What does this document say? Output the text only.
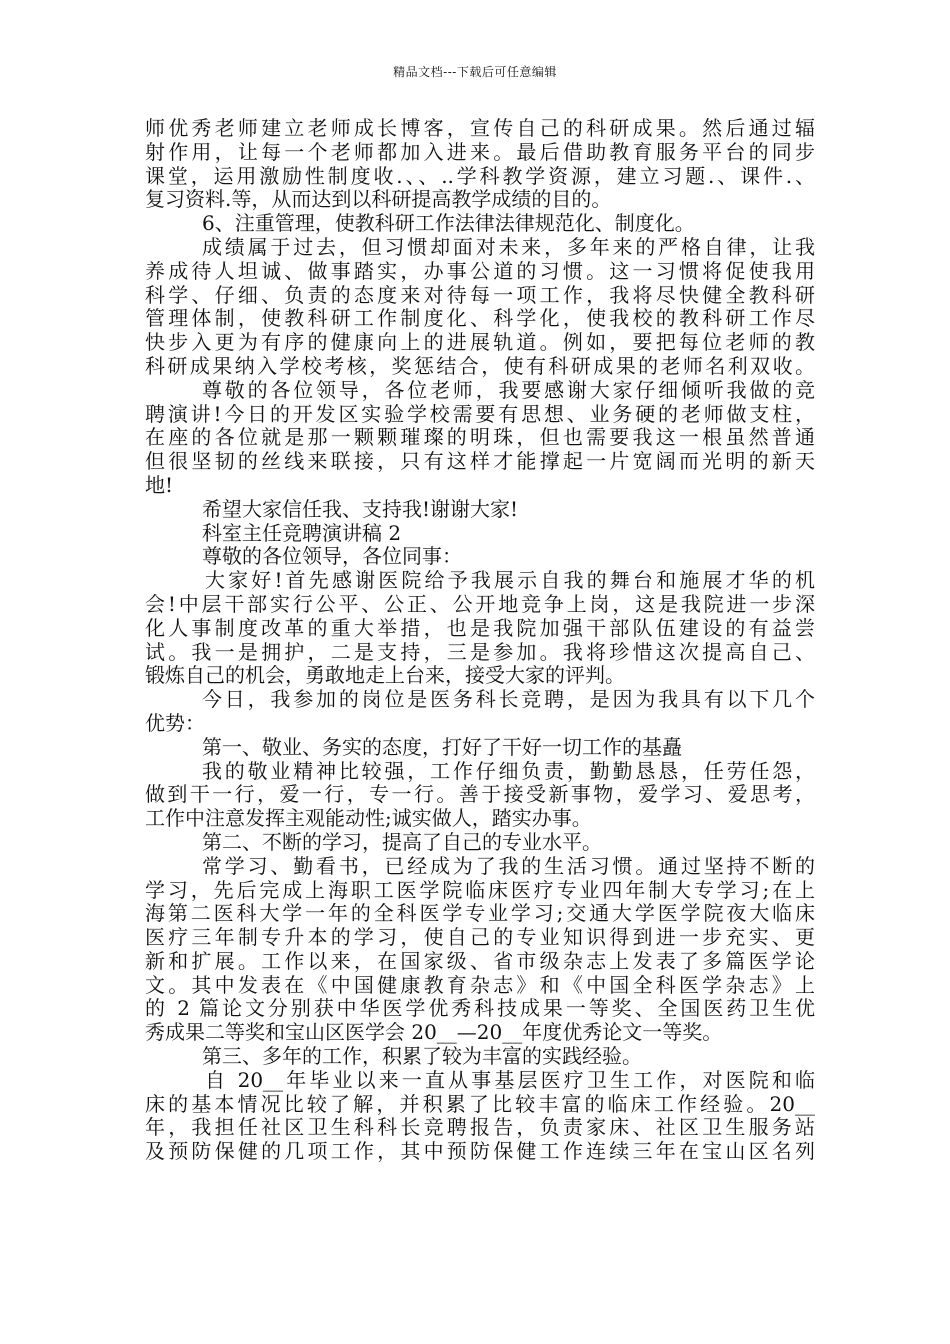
精品文档---下载后可任意编辑
师优秀老师建立老师成长博客，宣传自己的科研成果。然后通过辐
射作用，让每一个老师都加入进来。最后借助教育服务平台的同步
课堂，运用激励性制度收.、、..学科教学资源，建立习题.、课件.、
复习资料.等，从而达到以科研提高教学成绩的目的。
6、注重管理，使教科研工作法律法律规范化、制度化。
成绩属于过去，但习惯却面对未来，多年来的严格自律，让我
养成待人坦诚、做事踏实，办事公道的习惯。这一习惯将促使我用
科学、仔细、负责的态度来对待每一项工作，我将尽快健全教科研
管理体制，使教科研工作制度化、科学化，使我校的教科研工作尽
快步入更为有序的健康向上的进展轨道。例如，要把每位老师的教
科研成果纳入学校考核，奖惩结合，使有科研成果的老师名利双收。
尊敬的各位领导，各位老师，我要感谢大家仔细倾听我做的竞
聘演讲!今日的开发区实验学校需要有思想、业务硬的老师做支柱，
在座的各位就是那一颗颗璀璨的明珠，但也需要我这一根虽然普通
但很坚韧的丝线来联接，只有这样才能撑起一片宽阔而光明的新天
地!
希望大家信任我、支持我!谢谢大家!
科室主任竞聘演讲稿 2
尊敬的各位领导，各位同事：
大家好!首先感谢医院给予我展示自我的舞台和施展才华的机
会!中层干部实行公平、公正、公开地竞争上岗，这是我院进一步深
化人事制度改革的重大举措，也是我院加强干部队伍建设的有益尝
试。我一是拥护，二是支持，三是参加。我将珍惜这次提高自己、
锻炼自己的机会，勇敢地走上台来，接受大家的评判。
今日，我参加的岗位是医务科长竞聘，是因为我具有以下几个
优势：
第一、敬业、务实的态度，打好了干好一切工作的基矗
我的敬业精神比较强，工作仔细负责，勤勤恳恳，任劳任怨，
做到干一行，爱一行，专一行。善于接受新事物，爱学习、爱思考，
工作中注意发挥主观能动性;诚实做人，踏实办事。
第二、不断的学习，提高了自己的专业水平。
常学习、勤看书，已经成为了我的生活习惯。通过坚持不断的
学习，先后完成上海职工医学院临床医疗专业四年制大专学习;在上
海第二医科大学一年的全科医学专业学习;交通大学医学院夜大临床
医疗三年制专升本的学习，使自己的专业知识得到进一步充实、更
新和扩展。工作以来，在国家级、省市级杂志上发表了多篇医学论
文。其中发表在《中国健康教育杂志》和《中国全科医学杂志》上
的 2 篇论文分别获中华医学优秀科技成果一等奖、全国医药卫生优
秀成果二等奖和宝山区医学会 20__—20__年度优秀论文一等奖。
第三、多年的工作，积累了较为丰富的实践经验。
自 20__年毕业以来一直从事基层医疗卫生工作，对医院和临
床的基本情况比较了解，并积累了比较丰富的临床工作经验。20__
年，我担任社区卫生科科长竞聘报告，负责家床、社区卫生服务站
及预防保健的几项工作，其中预防保健工作连续三年在宝山区名列
